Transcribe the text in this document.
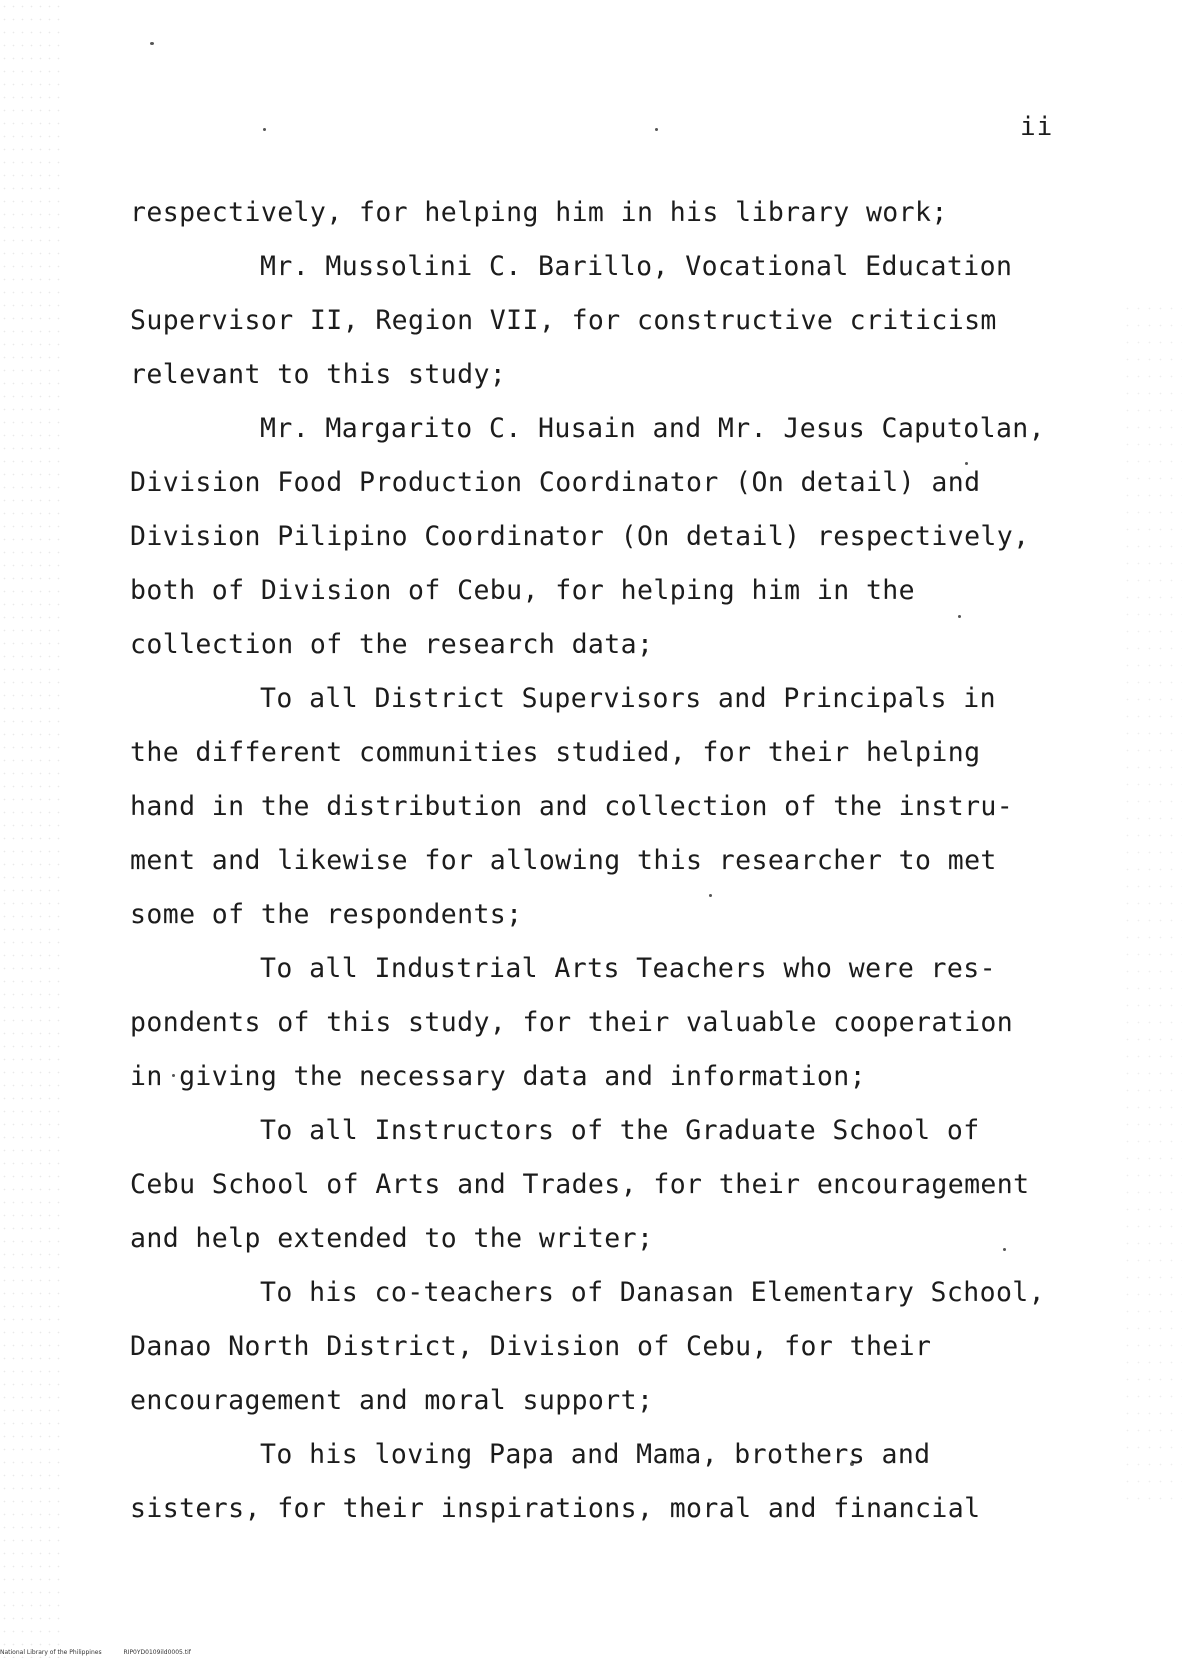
ii
respectively, for helping him in his library work;
Mr. Mussolini C. Barillo, Vocational Education
Supervisor II, Region VII, for constructive criticism
relevant to this study;
Mr. Margarito C. Husain and Mr. Jesus Caputolan,
Division Food Production Coordinator (On detail) and
Division Pilipino Coordinator (On detail) respectively,
both of Division of Cebu, for helping him in the
collection of the research data;
To all District Supervisors and Principals in
the different communities studied, for their helping
hand in the distribution and collection of the instru-
ment and likewise for allowing this researcher to met
some of the respondents;
To all Industrial Arts Teachers who were res-
pondents of this study, for their valuable cooperation
in giving the necessary data and information;
To all Instructors of the Graduate School of
Cebu School of Arts and Trades, for their encouragement
and help extended to the writer;
To his co-teachers of Danasan Elementary School,
Danao North District, Division of Cebu, for their
encouragement and moral support;
To his loving Papa and Mama, brothers and
sisters, for their inspirations, moral and financial
National Library of the Philippines	RIP0YD0109ild0005.tif
